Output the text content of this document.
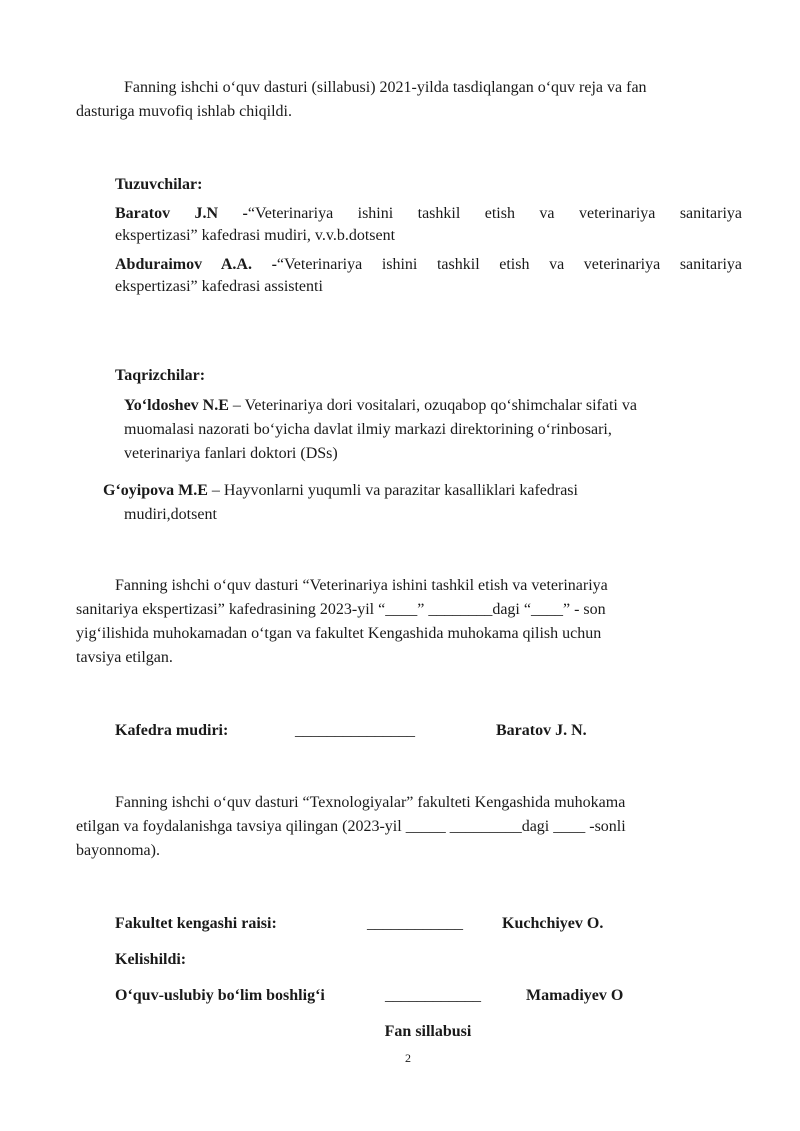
Fanning ishchi o‘quv dasturi (sillabusi) 2021-yilda tasdiqlangan o‘quv reja va fan
dasturiga muvofiq ishlab chiqildi.
Tuzuvchilar:
Baratov J.N -“Veterinariya ishini tashkil etish va veterinariya sanitariya
ekspertizasi” kafedrasi mudiri, v.v.b.dotsent
Abduraimov A.A. -“Veterinariya ishini tashkil etish va veterinariya sanitariya
ekspertizasi” kafedrasi assistenti
Taqrizchilar:
Yo‘ldoshev N.E – Veterinariya dori vositalari, ozuqabop qo‘shimchalar sifati va
muomalasi nazorati bo‘yicha davlat ilmiy markazi direktorining o‘rinbosari,
veterinariya fanlari doktori (DSs)
G‘oyipova M.E – Hayvonlarni yuqumli va parazitar kasalliklari kafedrasi
mudiri,dotsent
Fanning ishchi o‘quv dasturi “Veterinariya ishini tashkil etish va veterinariya
sanitariya ekspertizasi” kafedrasining 2023-yil “____” ________dagi “____” - son
yig‘ilishida muhokamadan o‘tgan va fakultet Kengashida muhokama qilish uchun
tavsiya etilgan.
Kafedra mudiri:	_______________	Baratov J. N.
Fanning ishchi o‘quv dasturi “Texnologiyalar” fakulteti Kengashida muhokama
etilgan va foydalanishga tavsiya qilingan (2023-yil _____ _________dagi ____ -sonli
bayonnoma).
Fakultet kengashi raisi:	____________ Kuchchiyev O.
Kelishildi:
O‘quv-uslubiy bo‘lim boshlig‘i	____________	Mamadiyev O
Fan sillabusi
2
